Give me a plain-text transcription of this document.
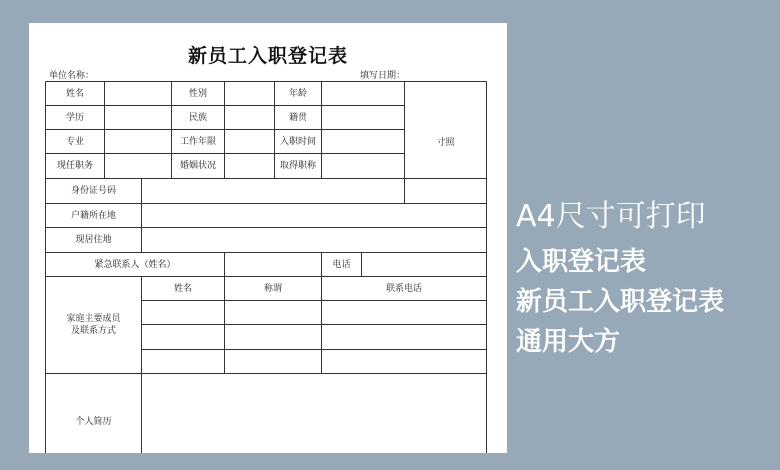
新员工入职登记表
单位名称：	填写日期：
姓名	性别	年龄
学历	民族	籍贯
专业	工作年限	入职时间
现任职务	婚姻状况	取得职称
寸照
身份证号码
户籍所在地
现居住地
紧急联系人（姓名）	电话
家庭主要成员
及联系方式
姓名	称谓	联系电话
个人简历
A4尺寸可打印
入职登记表
新员工入职登记表
通用大方
